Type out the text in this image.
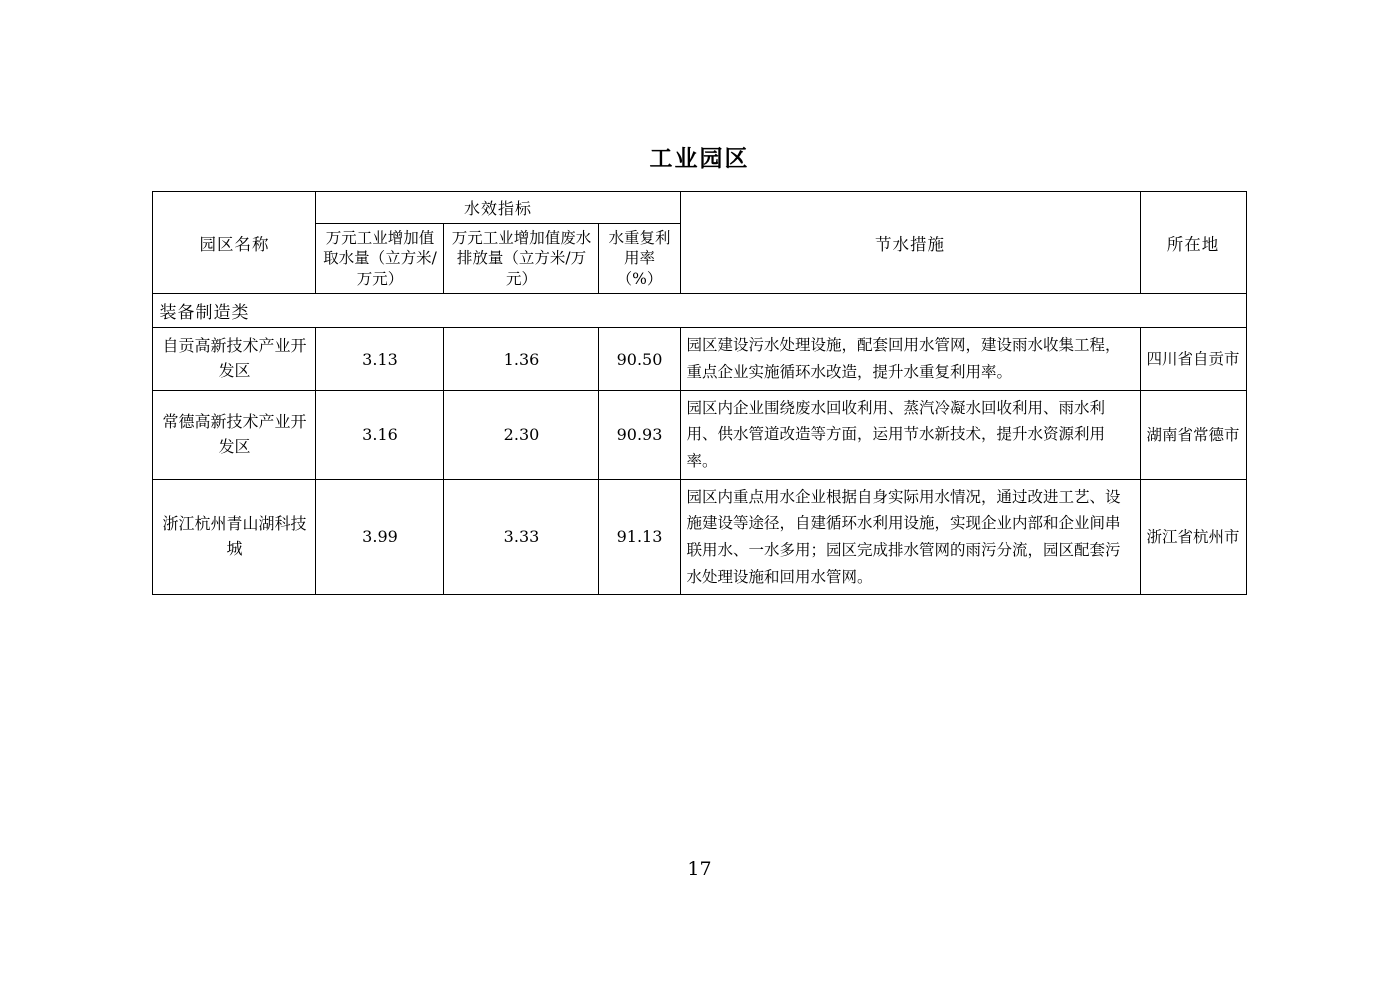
工业园区
园区名称	水效指标			节水措施	所在地
	万元工业增加值取水量（立方米/万元）	万元工业增加值废水排放量（立方米/万元）	水重复利用率（%）		
装备制造类					
自贡高新技术产业开发区	3.13	1.36	90.50	园区建设污水处理设施，配套回用水管网，建设雨水收集工程，重点企业实施循环水改造，提升水重复利用率。	四川省自贡市
常德高新技术产业开发区	3.16	2.30	90.93	园区内企业围绕废水回收利用、蒸汽冷凝水回收利用、雨水利用、供水管道改造等方面，运用节水新技术，提升水资源利用率。	湖南省常德市
浙江杭州青山湖科技城	3.99	3.33	91.13	园区内重点用水企业根据自身实际用水情况，通过改进工艺、设施建设等途径，自建循环水利用设施，实现企业内部和企业间串联用水、一水多用；园区完成排水管网的雨污分流，园区配套污水处理设施和回用水管网。	浙江省杭州市
17
